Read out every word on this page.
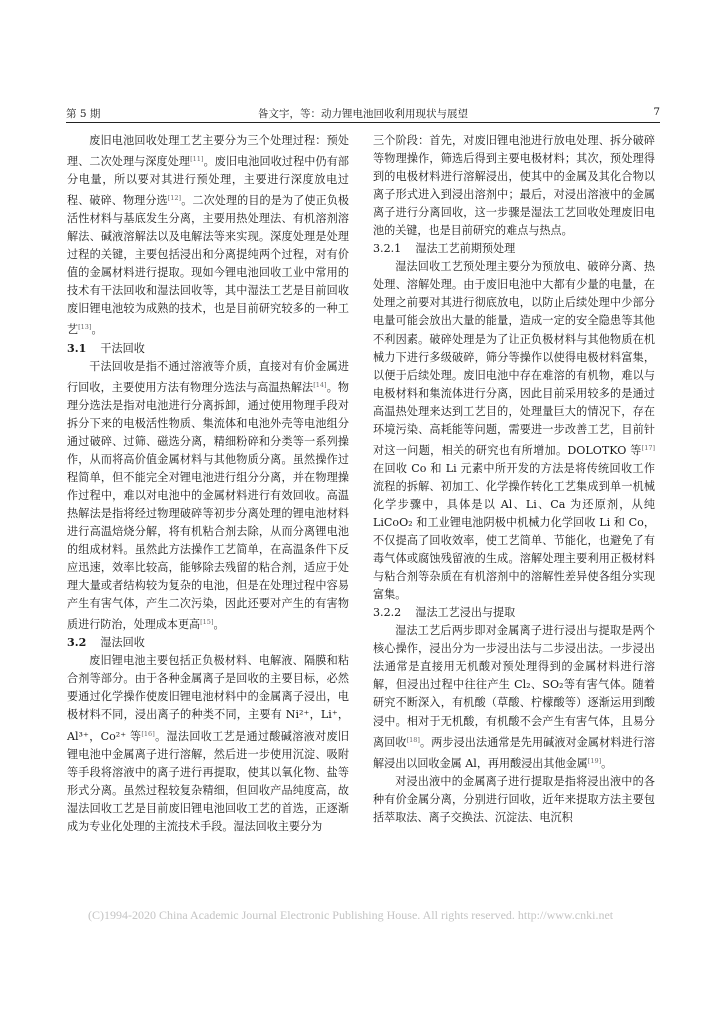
第 5 期	昝文宇，等：动力锂电池回收利用现状与展望	7

废旧电池回收处理工艺主要分为三个处理过程：预处理、二次处理与深度处理[11]。废旧电池回收过程中仍有部分电量，所以要对其进行预处理，主要进行深度放电过程、破碎、物理分选[12]。二次处理的目的是为了使正负极活性材料与基底发生分离，主要用热处理法、有机溶剂溶解法、碱液溶解法以及电解法等来实现。深度处理是处理过程的关键，主要包括浸出和分离提纯两个过程，对有价值的金属材料进行提取。现如今锂电池回收工业中常用的技术有干法回收和湿法回收等，其中湿法工艺是目前回收废旧锂电池较为成熟的技术，也是目前研究较多的一种工艺[13]。

3.1 干法回收

干法回收是指不通过溶液等介质，直接对有价金属进行回收，主要使用方法有物理分选法与高温热解法[14]。物理分选法是指对电池进行分离拆卸，通过使用物理手段对拆分下来的电极活性物质、集流体和电池外壳等电池组分通过破碎、过筛、磁选分离，精细粉碎和分类等一系列操作，从而将高价值金属材料与其他物质分离。虽然操作过程简单，但不能完全对锂电池进行组分分离，并在物理操作过程中，难以对电池中的金属材料进行有效回收。高温热解法是指将经过物理破碎等初步分离处理的锂电池材料进行高温焙烧分解，将有机粘合剂去除，从而分离锂电池的组成材料。虽然此方法操作工艺简单，在高温条件下反应迅速，效率比较高，能够除去残留的粘合剂，适应于处理大量或者结构较为复杂的电池，但是在处理过程中容易产生有害气体，产生二次污染，因此还要对产生的有害物质进行防治，处理成本更高[15]。

3.2 湿法回收

废旧锂电池主要包括正负极材料、电解液、隔膜和粘合剂等部分。由于各种金属离子是回收的主要目标，必然要通过化学操作使废旧锂电池材料中的金属离子浸出，电极材料不同，浸出离子的种类不同，主要有 Ni²⁺，Li⁺，Al³⁺，Co²⁺ 等[16]。湿法回收工艺是通过酸碱溶液对废旧锂电池中金属离子进行溶解，然后进一步使用沉淀、吸附等手段将溶液中的离子进行再提取，使其以氧化物、盐等形式分离。虽然过程较复杂精细，但回收产品纯度高，故湿法回收工艺是目前废旧锂电池回收工艺的首选，正逐渐成为专业化处理的主流技术手段。湿法回收主要分为

三个阶段：首先，对废旧锂电池进行放电处理、拆分破碎等物理操作，筛选后得到主要电极材料；其次，预处理得到的电极材料进行溶解浸出，使其中的金属及其化合物以离子形式进入到浸出溶剂中；最后，对浸出溶液中的金属离子进行分离回收，这一步骤是湿法工艺回收处理废旧电池的关键，也是目前研究的难点与热点。

3.2.1 湿法工艺前期预处理

湿法回收工艺预处理主要分为预放电、破碎分离、热处理、溶解处理。由于废旧电池中大都有少量的电量，在处理之前要对其进行彻底放电，以防止后续处理中少部分电量可能会放出大量的能量，造成一定的安全隐患等其他不利因素。破碎处理是为了让正负极材料与其他物质在机械力下进行多级破碎，筛分等操作以使得电极材料富集，以便于后续处理。废旧电池中存在难溶的有机物，难以与电极材料和集流体进行分离，因此目前采用较多的是通过高温热处理来达到工艺目的，处理量巨大的情况下，存在环境污染、高耗能等问题，需要进一步改善工艺，目前针对这一问题，相关的研究也有所增加。DOLOTKO 等[17]在回收 Co 和 Li 元素中所开发的方法是将传统回收工作流程的拆解、初加工、化学操作转化工艺集成到单一机械化学步骤中，具体是以 Al、Li、Ca 为还原剂，从纯 LiCoO₂ 和工业锂电池阴极中机械力化学回收 Li 和 Co，不仅提高了回收效率，使工艺简单、节能化，也避免了有毒气体或腐蚀残留液的生成。溶解处理主要利用正极材料与粘合剂等杂质在有机溶剂中的溶解性差异使各组分实现富集。

3.2.2 湿法工艺浸出与提取

湿法工艺后两步即对金属离子进行浸出与提取是两个核心操作，浸出分为一步浸出法与二步浸出法。一步浸出法通常是直接用无机酸对预处理得到的金属材料进行溶解，但浸出过程中往往产生 Cl₂、SO₂等有害气体。随着研究不断深入，有机酸（草酸、柠檬酸等）逐渐运用到酸浸中。相对于无机酸，有机酸不会产生有害气体，且易分离回收[18]。两步浸出法通常是先用碱液对金属材料进行溶解浸出以回收金属 Al，再用酸浸出其他金属[19]。

对浸出液中的金属离子进行提取是指将浸出液中的各种有价金属分离，分别进行回收，近年来提取方法主要包括萃取法、离子交换法、沉淀法、电沉积

(C)1994-2020 China Academic Journal Electronic Publishing House. All rights reserved. http://www.cnki.net
